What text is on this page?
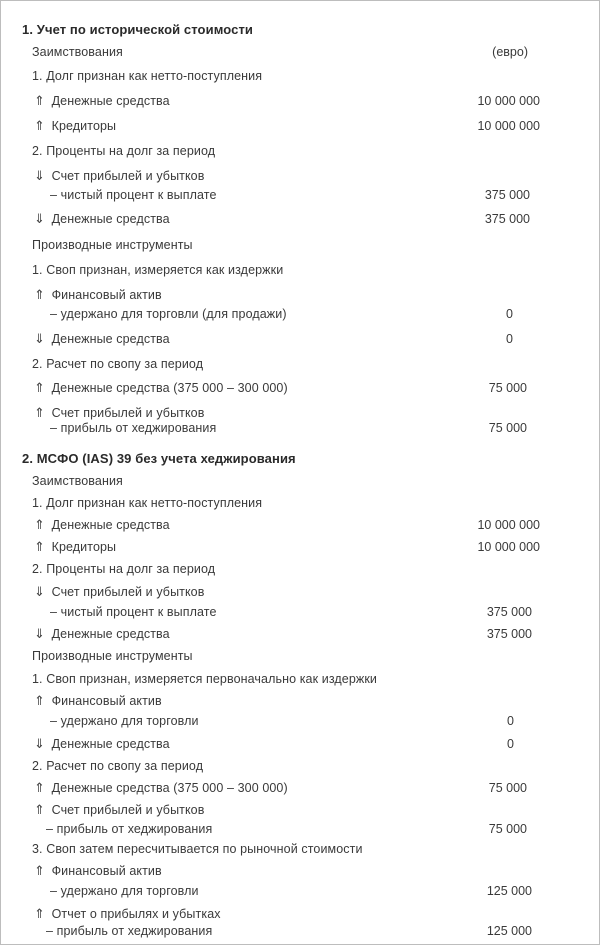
1. Учет по исторической стоимости
Заимствования	(евро)
1. Долг признан как нетто-поступления
⇑ Денежные средства	10 000 000
⇑ Кредиторы	10 000 000
2. Проценты на долг за период
⇓ Счет прибылей и убытков
– чистый процент к выплате	375 000
⇓ Денежные средства	375 000
Производные инструменты
1. Своп признан, измеряется как издержки
⇑ Финансовый актив
– удержано для торговли (для продажи)	0
⇓ Денежные средства	0
2. Расчет по свопу за период
⇑ Денежные средства (375 000 – 300 000)	75 000
⇑ Счет прибылей и убытков
– прибыль от хеджирования	75 000
2. МСФО (IAS) 39 без учета хеджирования
Заимствования
1. Долг признан как нетто-поступления
⇑ Денежные средства	10 000 000
⇑ Кредиторы	10 000 000
2. Проценты на долг за период
⇓ Счет прибылей и убытков
– чистый процент к выплате	375 000
⇓ Денежные средства	375 000
Производные инструменты
1. Своп признан, измеряется первоначально как издержки
⇑ Финансовый актив
– удержано для торговли	0
⇓ Денежные средства	0
2. Расчет по свопу за период
⇑ Денежные средства (375 000 – 300 000)	75 000
⇑ Счет прибылей и убытков
– прибыль от хеджирования	75 000
3. Своп затем пересчитывается по рыночной стоимости
⇑ Финансовый актив
– удержано для торговли	125 000
⇑ Отчет о прибылях и убытках
– прибыль от хеджирования	125 000
